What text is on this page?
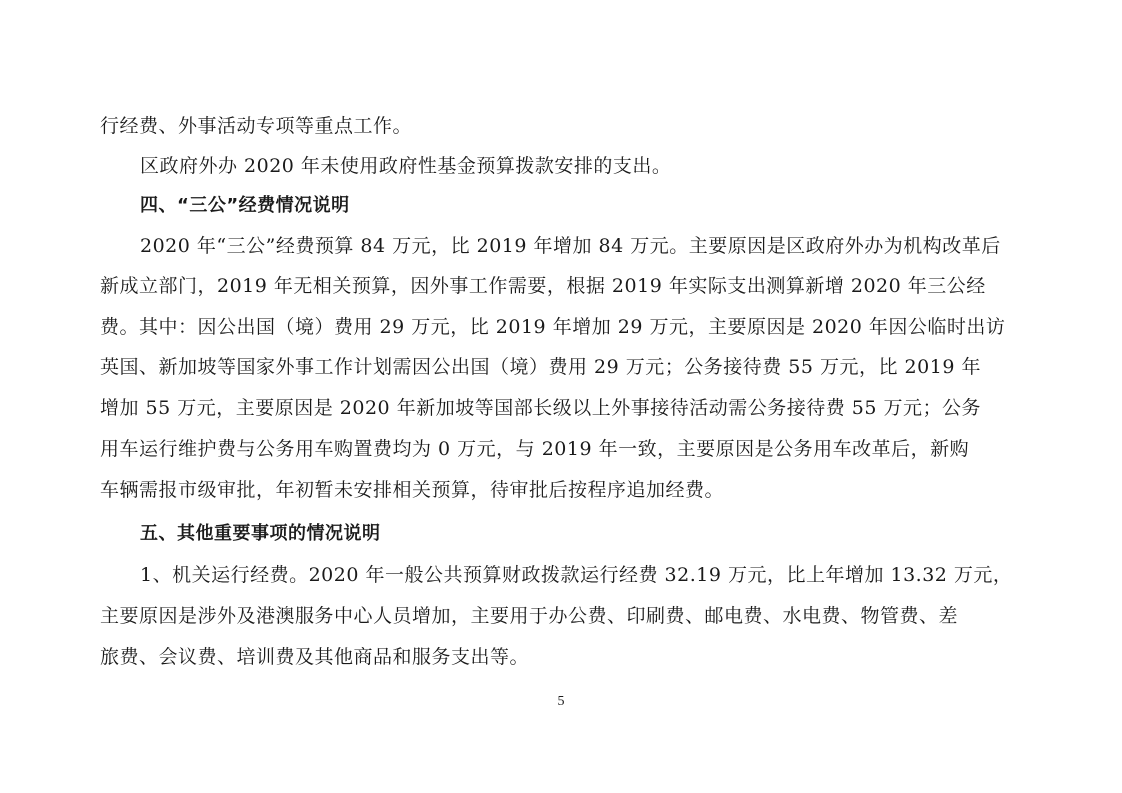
行经费、外事活动专项等重点工作。
区政府外办 2020 年未使用政府性基金预算拨款安排的支出。
四、“三公”经费情况说明
2020 年“三公”经费预算 84 万元，比 2019 年增加 84 万元。主要原因是区政府外办为机构改革后
新成立部门，2019 年无相关预算，因外事工作需要，根据 2019 年实际支出测算新增 2020 年三公经
费。其中：因公出国（境）费用 29 万元，比 2019 年增加 29 万元，主要原因是 2020 年因公临时出访
英国、新加坡等国家外事工作计划需因公出国（境）费用 29 万元；公务接待费 55 万元，比 2019 年
增加 55 万元，主要原因是 2020 年新加坡等国部长级以上外事接待活动需公务接待费 55 万元；公务
用车运行维护费与公务用车购置费均为 0 万元，与 2019 年一致，主要原因是公务用车改革后，新购
车辆需报市级审批，年初暂未安排相关预算，待审批后按程序追加经费。
五、其他重要事项的情况说明
1、机关运行经费。2020 年一般公共预算财政拨款运行经费 32.19 万元，比上年增加 13.32 万元，
主要原因是涉外及港澳服务中心人员增加，主要用于办公费、印刷费、邮电费、水电费、物管费、差
旅费、会议费、培训费及其他商品和服务支出等。
5
